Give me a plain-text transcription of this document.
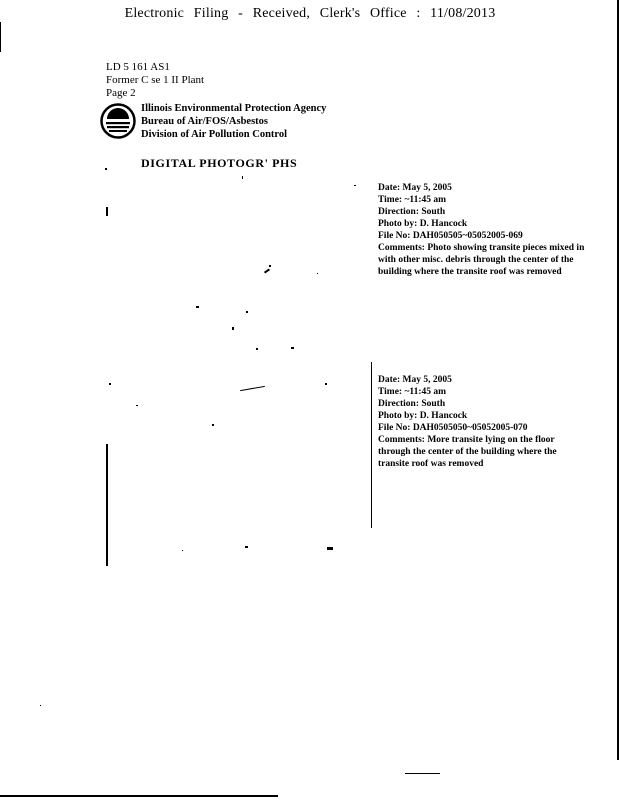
Electronic Filing - Received, Clerk's Office : 11/08/2013
LD 5 161 AS1
Former C se 1 II Plant
Page 2
Illinois Environmental Protection Agency
Bureau of Air/FOS/Asbestos
Division of Air Pollution Control
DIGITAL PHOTOGR' PHS
Date: May 5, 2005
Time: ~11:45 am
Direction: South
Photo by: D. Hancock
File No: DAH050505~05052005-069
Comments: Photo showing transite pieces mixed in
with other misc. debris through the center of the
building where the transite roof was removed
Date: May 5, 2005
Time: ~11:45 am
Direction: South
Photo by: D. Hancock
File No: DAH0505050~05052005-070
Comments: More transite lying on the floor
through the center of the building where the
transite roof was removed
